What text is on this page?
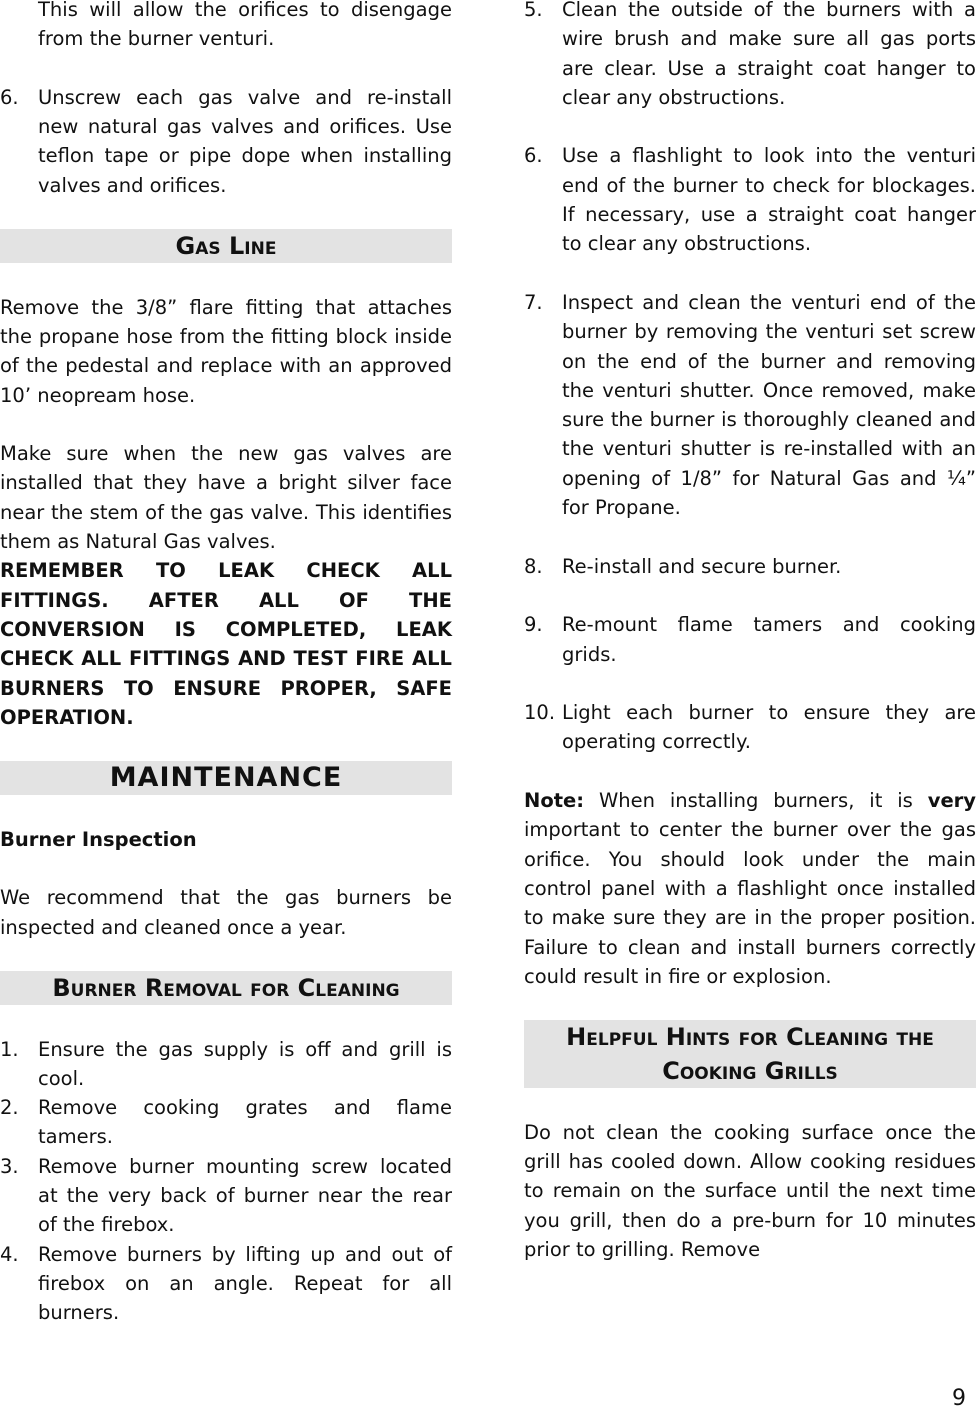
This will allow the orifices to disengage from the burner venturi.

6. Unscrew each gas valve and re-install new natural gas valves and orifices. Use teflon tape or pipe dope when installing valves and orifices.
Gas Line

Remove the 3/8” flare fitting that attaches the propane hose from the fitting block inside of the pedestal and replace with an approved 10’ neopream hose.

Make sure when the new gas valves are installed that they have a bright silver face near the stem of the gas valve. This identifies them as Natural Gas valves.

REMEMBER TO LEAK CHECK ALL FITTINGS. AFTER ALL OF THE CONVERSION IS COMPLETED, LEAK CHECK ALL FITTINGS AND TEST FIRE ALL BURNERS TO ENSURE PROPER, SAFE OPERATION.

MAINTENANCE

Burner Inspection

We recommend that the gas burners be inspected and cleaned once a year.

Burner Removal for Cleaning
1. Ensure the gas supply is off and grill is cool.
2. Remove cooking grates and flame tamers.
3. Remove burner mounting screw located at the very back of burner near the rear of the firebox.
4. Remove burners by lifting up and out of firebox on an angle. Repeat for all burners.
5. Clean the outside of the burners with a wire brush and make sure all gas ports are clear. Use a straight coat hanger to clear any obstructions.
6. Use a flashlight to look into the venturi end of the burner to check for blockages. If necessary, use a straight coat hanger to clear any obstructions.
7. Inspect and clean the venturi end of the burner by removing the venturi set screw on the end of the burner and removing the venturi shutter. Once removed, make sure the burner is thoroughly cleaned and the venturi shutter is re-installed with an opening of 1/8” for Natural Gas and ¼” for Propane.
8. Re-install and secure burner.
9. Re-mount flame tamers and cooking grids.
10. Light each burner to ensure they are operating correctly.

Note: When installing burners, it is very important to center the burner over the gas orifice. You should look under the main control panel with a flashlight once installed to make sure they are in the proper position. Failure to clean and install burners correctly could result in fire or explosion.

Helpful Hints for Cleaning the Cooking Grills

Do not clean the cooking surface once the grill has cooled down. Allow cooking residues to remain on the surface until the next time you grill, then do a pre-burn for 10 minutes prior to grilling. Remove

9
